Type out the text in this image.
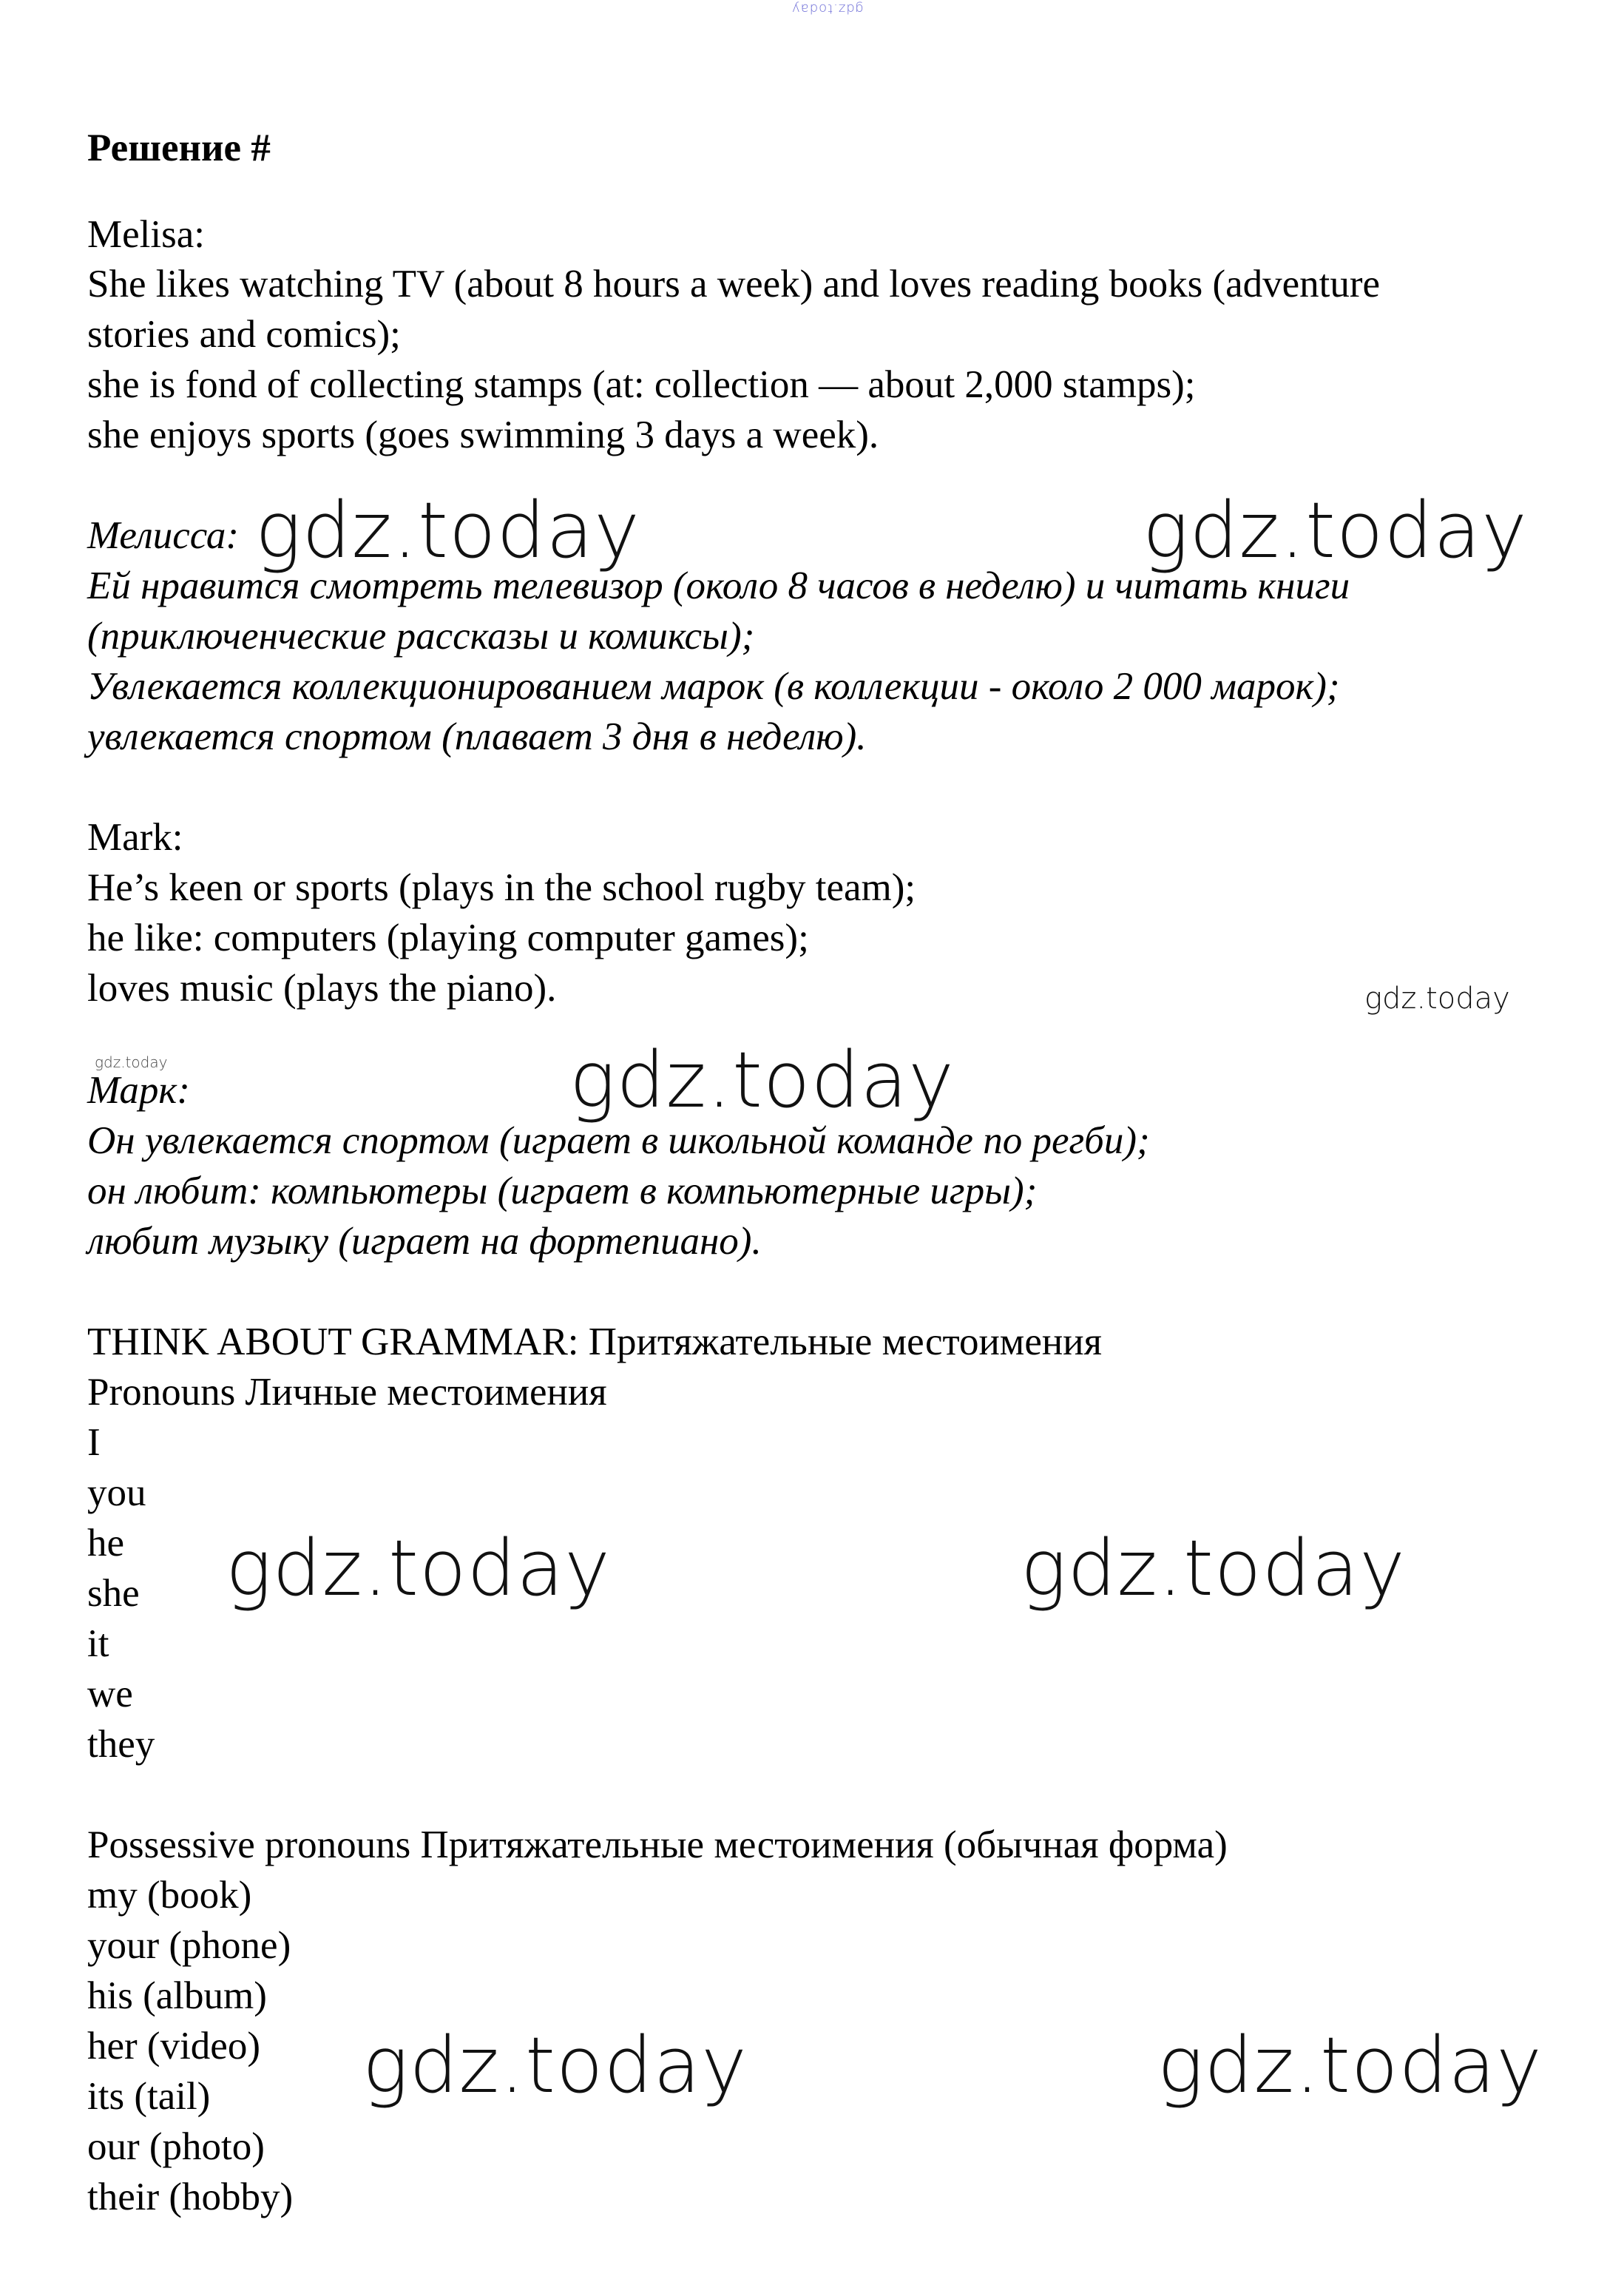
gdz.today
gdz.today	gdz.today
gdz.today
gdz.today	gdz.today
gdz.today	gdz.today
gdz.today	gdz.today

Решение #

Melisa:

She likes watching TV (about 8 hours a week) and loves reading books (adventure

stories and comics);

she is fond of collecting stamps (at: collection — about 2,000 stamps);

she enjoys sports (goes swimming 3 days a week).

Мелисса:

Ей нравится смотреть телевизор (около 8 часов в неделю) и читать книги

(приключенческие рассказы и комиксы);

Увлекается коллекционированием марок (в коллекции - около 2 000 марок);

увлекается спортом (плавает 3 дня в неделю).

Mark:

He’s keen or sports (plays in the school rugby team);

he like: computers (playing computer games);

loves music (plays the piano).

Марк:

Он увлекается спортом (играет в школьной команде по регби);

он любит: компьютеры (играет в компьютерные игры);

любит музыку (играет на фортепиано).

THINK ABOUT GRAMMAR: Притяжательные местоимения

Pronouns Личные местоимения

I

you

he

she

it

we

they

Possessive pronouns Притяжательные местоимения (обычная форма)

my (book)

your (phone)

his (album)

her (video)

its (tail)

our (photo)

their (hobby)
